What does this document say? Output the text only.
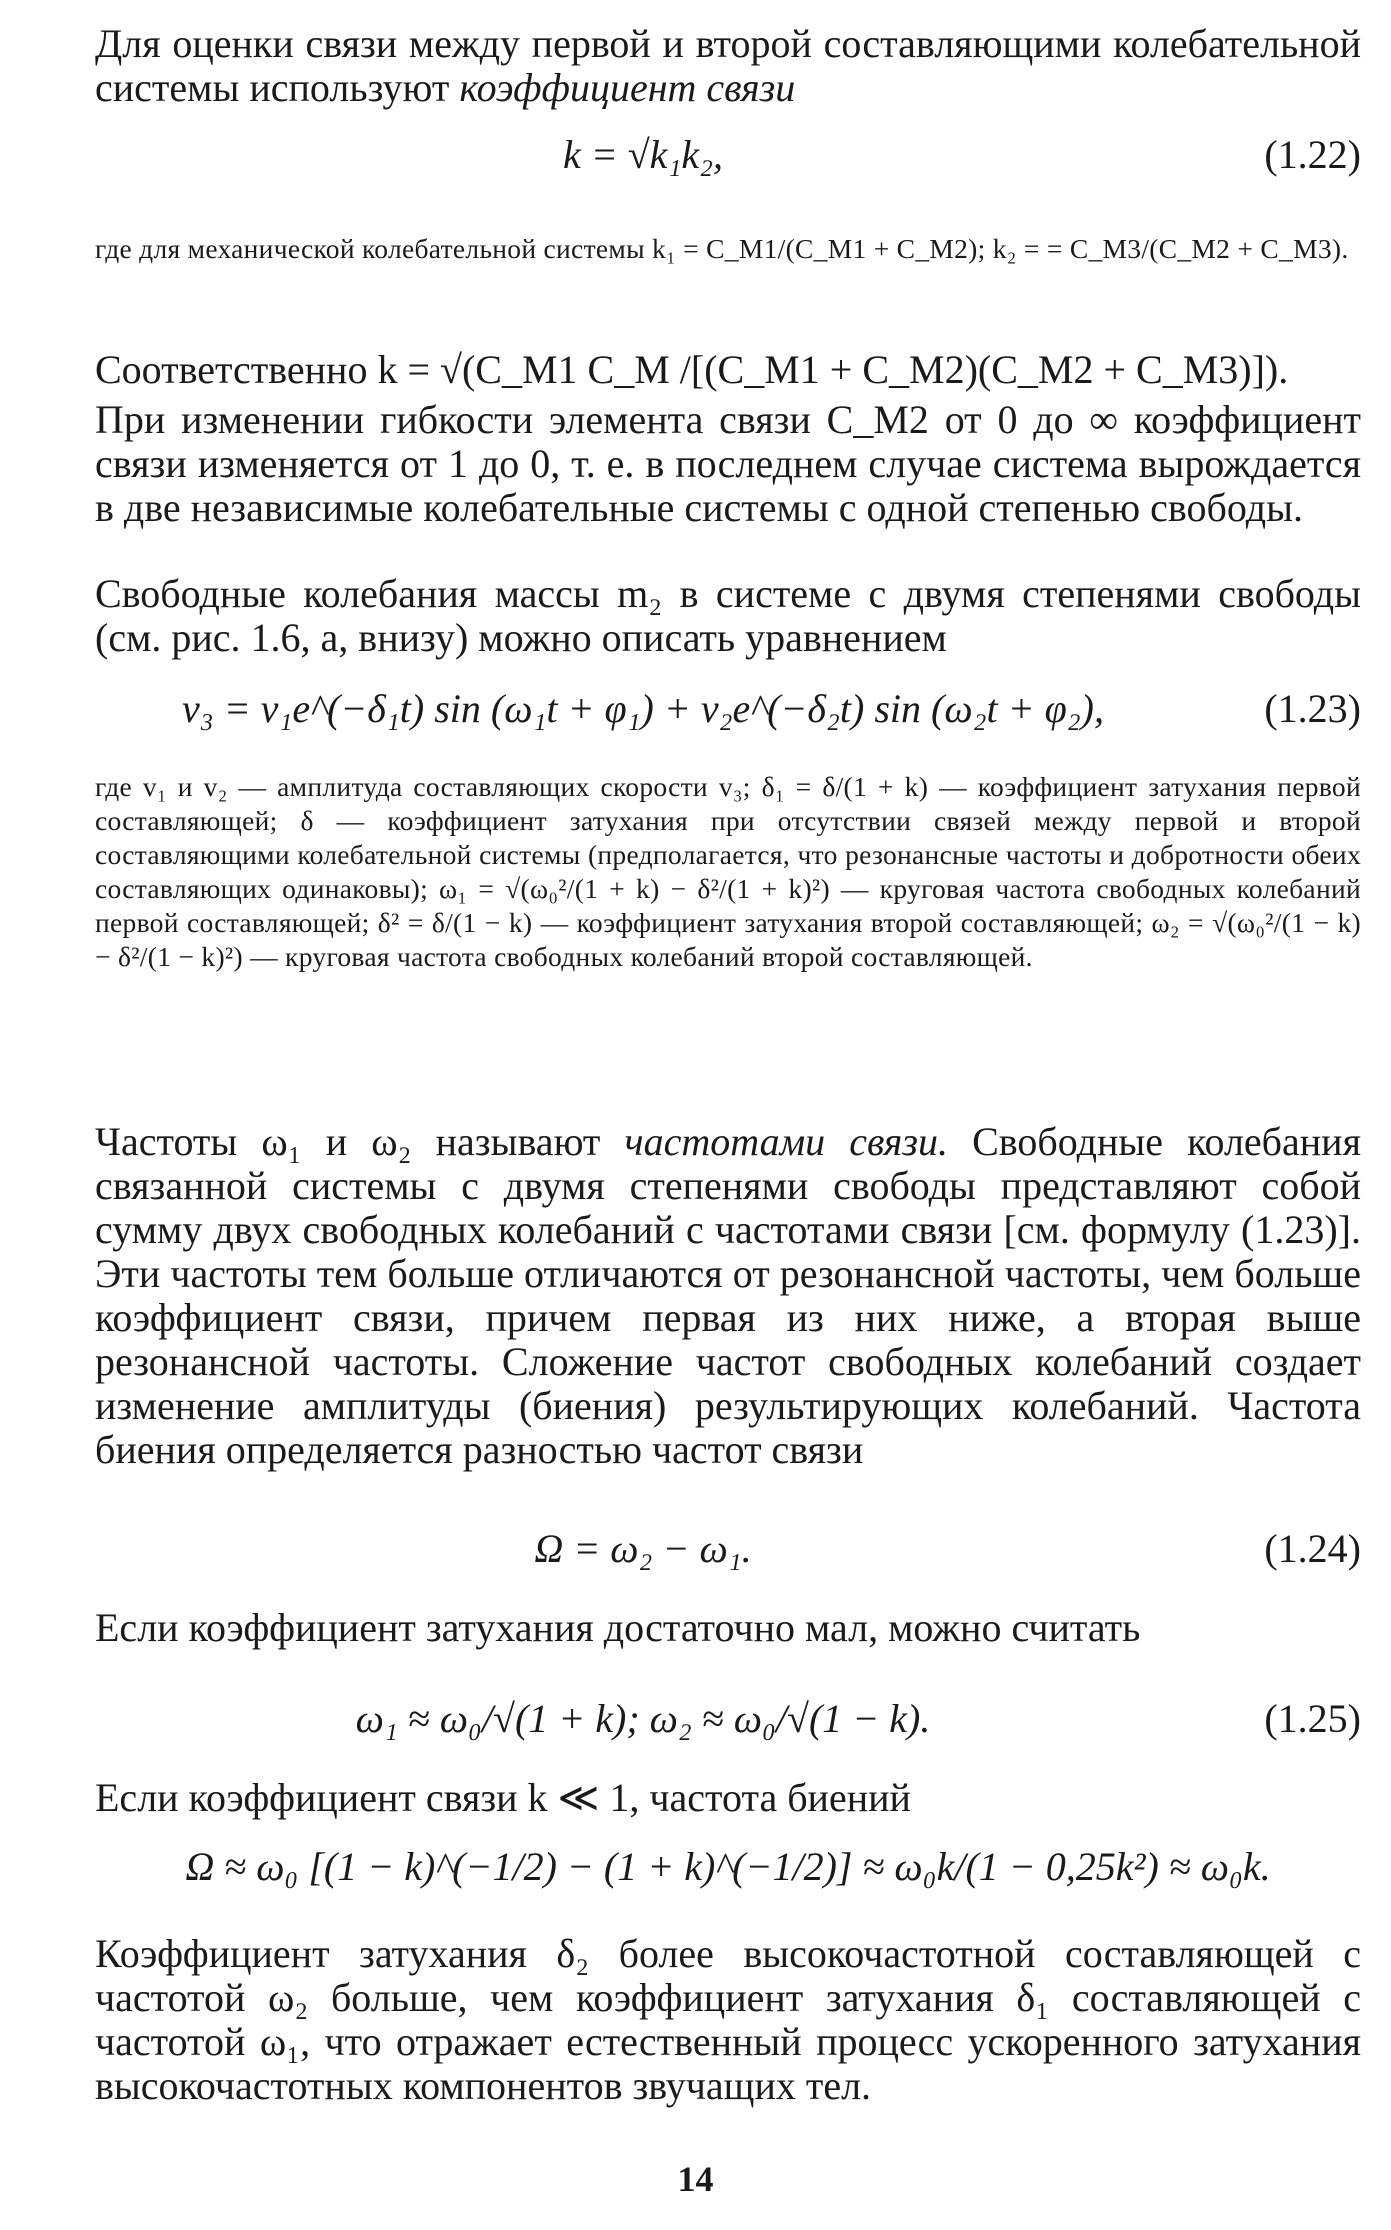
Для оценки связи между первой и второй составляющими колебательной системы используют коэффициент связи

k = √k₁k₂,	(1.22)

где для механической колебательной системы k₁ = C_M1/(C_M1 + C_M2); k₂ = = C_M3/(C_M2 + C_M3).

Соответственно k = √(C_M1 C_M /[(C_M1 + C_M2)(C_M2 + C_M3)]).

При изменении гибкости элемента связи C_M2 от 0 до ∞ коэффициент связи изменяется от 1 до 0, т. е. в последнем случае система вырождается в две независимые колебательные системы с одной степенью свободы.

Свободные колебания массы m₂ в системе с двумя степенями свободы (см. рис. 1.6, а, внизу) можно описать уравнением

v₃ = v₁e^(−δ₁t) sin (ω₁t + φ₁) + v₂e^(−δ₂t) sin (ω₂t + φ₂),	(1.23)

где v₁ и v₂ — амплитуда составляющих скорости v₃; δ₁ = δ/(1 + k) — коэффициент затухания первой составляющей; δ — коэффициент затухания при отсутствии связей между первой и второй составляющими колебательной системы (предполагается, что резонансные частоты и добротности обеих составляющих одинаковы); ω₁ = √(ω₀²/(1 + k) − δ²/(1 + k)²) — круговая частота свободных колебаний первой составляющей; δ² = δ/(1 − k) — коэффициент затухания второй составляющей; ω₂ = √(ω₀²/(1 − k) − δ²/(1 − k)²) — круговая частота свободных колебаний второй составляющей.

Частоты ω₁ и ω₂ называют частотами связи. Свободные колебания связанной системы с двумя степенями свободы представляют собой сумму двух свободных колебаний с частотами связи [см. формулу (1.23)]. Эти частоты тем больше отличаются от резонансной частоты, чем больше коэффициент связи, причем первая из них ниже, а вторая выше резонансной частоты. Сложение частот свободных колебаний создает изменение амплитуды (биения) результирующих колебаний. Частота биения определяется разностью частот связи

Ω = ω₂ − ω₁.	(1.24)

Если коэффициент затухания достаточно мал, можно считать

ω₁ ≈ ω₀/√(1 + k); ω₂ ≈ ω₀/√(1 − k).	(1.25)

Если коэффициент связи k ≪ 1, частота биений

Ω ≈ ω₀ [(1 − k)^(−1/2) − (1 + k)^(−1/2)] ≈ ω₀k/(1 − 0,25k²) ≈ ω₀k.

Коэффициент затухания δ₂ более высокочастотной составляющей с частотой ω₂ больше, чем коэффициент затухания δ₁ составляющей с частотой ω₁, что отражает естественный процесс ускоренного затухания высокочастотных компонентов звучащих тел.

14
